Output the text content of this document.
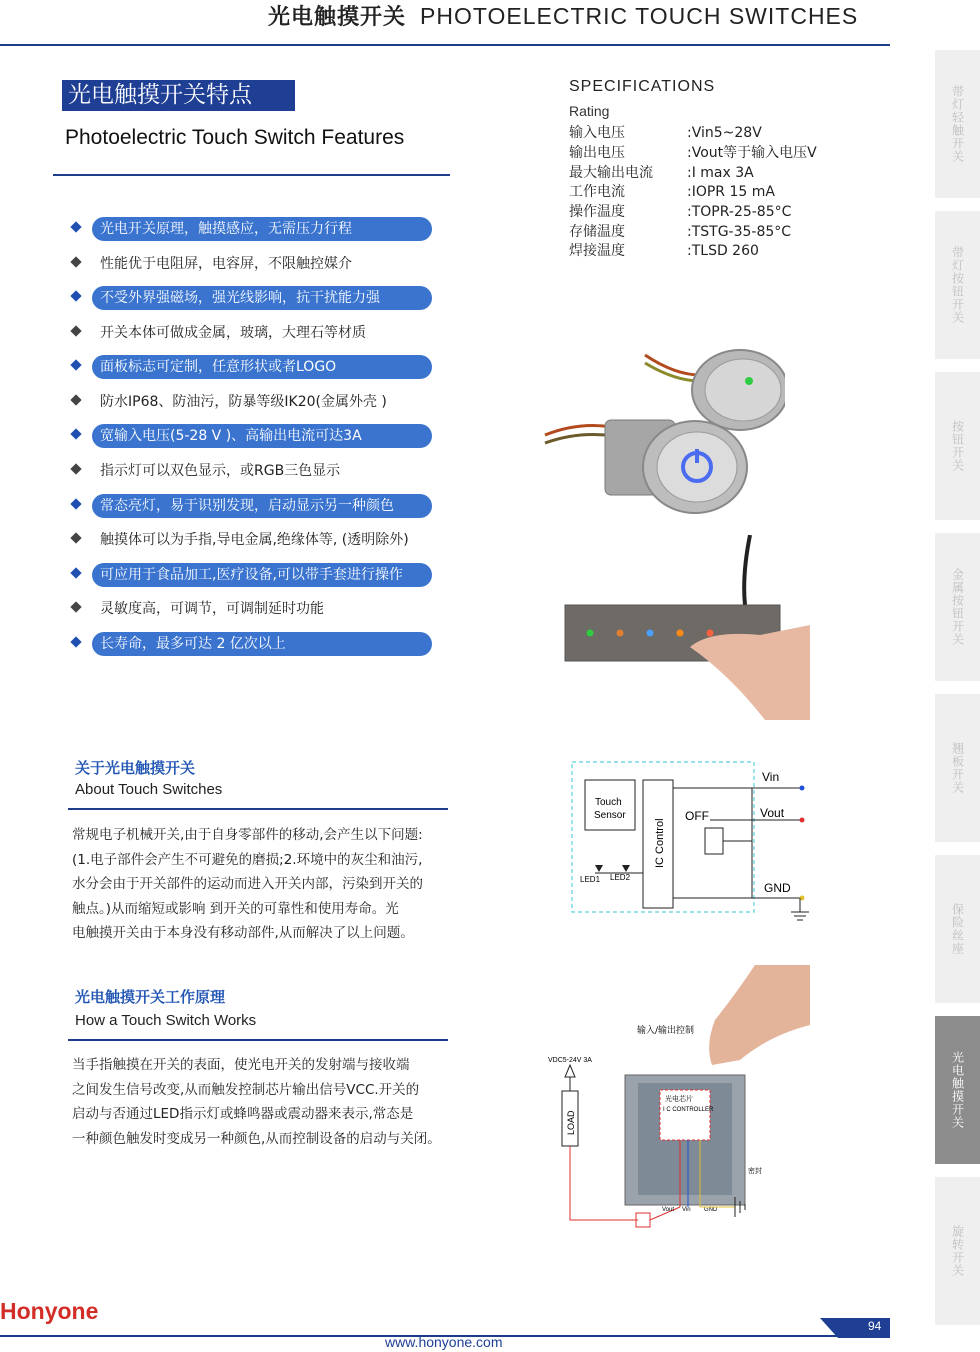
光电触摸开关 PHOTOELECTRIC TOUCH SWITCHES
光电触摸开关特点
Photoelectric Touch Switch Features
光电开关原理，触摸感应，无需压力行程
性能优于电阻屏，电容屏，不限触控媒介
不受外界强磁场，强光线影响，抗干扰能力强
开关本体可做成金属，玻璃，大理石等材质
面板标志可定制，任意形状或者LOGO
防水IP68、防油污，防暴等级IK20(金属外壳 )
宽输入电压(5-28 V )、高输出电流可达3A
指示灯可以双色显示，或RGB三色显示
常态亮灯，易于识别发现，启动显示另一种颜色
触摸体可以为手指,导电金属,绝缘体等, (透明除外)
可应用于食品加工,医疗设备,可以带手套进行操作
灵敏度高，可调节，可调制延时功能
长寿命，最多可达 2 亿次以上
SPECIFICATIONS
Rating
输入电压	:Vin5~28V
输出电压	:Vout等于输入电压V
最大输出电流 :I max 3A
工作电流	:IOPR 15 mA
操作温度	:TOPR-25-85°C
存储温度	:TSTG-35-85°C
焊接温度	:TLSD 260
关于光电触摸开关
About Touch Switches
常规电子机械开关,由于自身零部件的移动,会产生以下问题:
(1.电子部件会产生不可避免的磨损;2.环境中的灰尘和油污,
水分会由于开关部件的运动而进入开关内部，污染到开关的
触点。)从而缩短或影响 到开关的可靠性和使用寿命。光
电触摸开关由于本身没有移动部件,从而解决了以上问题。
Touch
Sensor
IC Control
OFF
Vin
Vout
GND
LED1 LED2
光电触摸开关工作原理
How a Touch Switch Works
当手指触摸在开关的表面，使光电开关的发射端与接收端
之间发生信号改变,从而触发控制芯片输出信号VCC.开关的
启动与否通过LED指示灯或蜂鸣器或震动器来表示,常态是
一种颜色触发时变成另一种颜色,从而控制设备的启动与关闭。
输入/输出控制
VDC5-24V 3A
LOAD
光电芯片
I C CONTROLLER
密封
Vout Vin GND
带灯轻触开关
带灯按钮开关
按钮开关
金属按钮开关
翘板开关
保险丝座
光电触摸开关
旋转开关
Honyone
94
www.honyone.com
